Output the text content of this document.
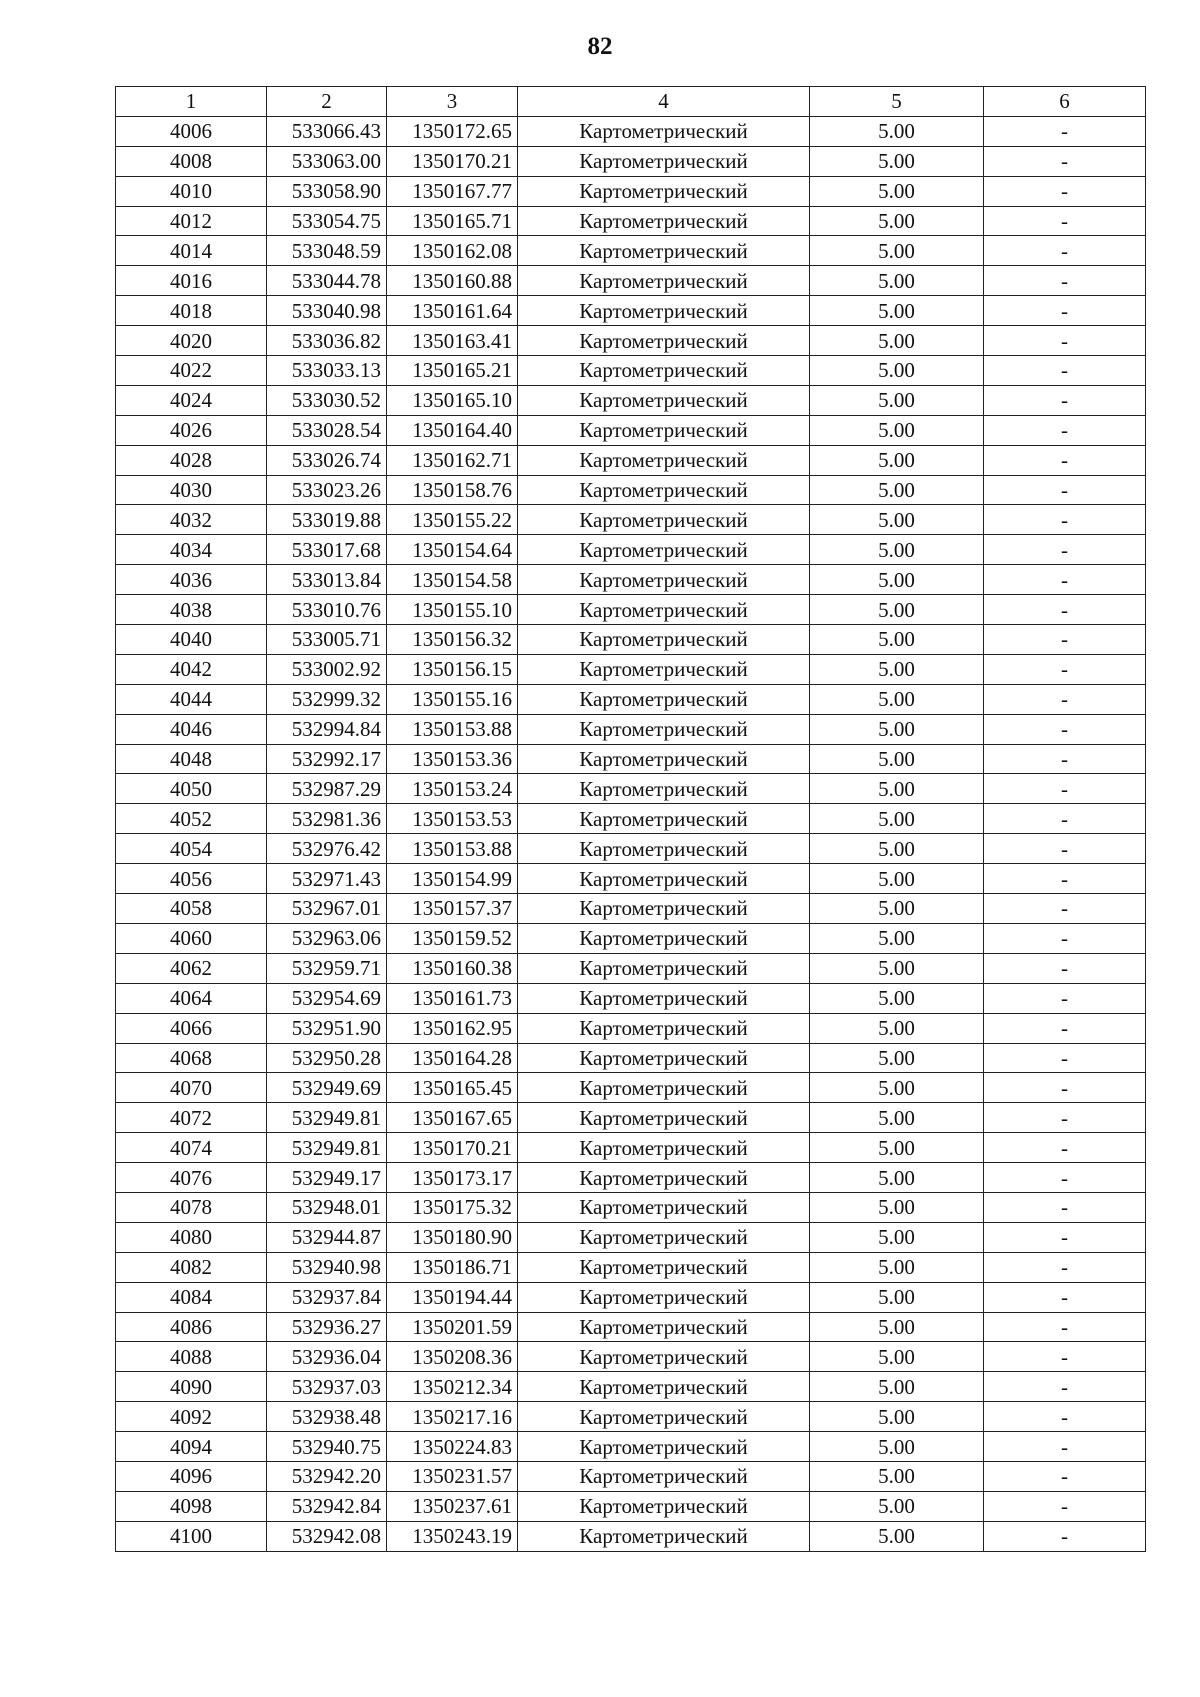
82
1	2	3	4	5	6
4006	533066.43	1350172.65	Картометрический	5.00	-
4008	533063.00	1350170.21	Картометрический	5.00	-
4010	533058.90	1350167.77	Картометрический	5.00	-
4012	533054.75	1350165.71	Картометрический	5.00	-
4014	533048.59	1350162.08	Картометрический	5.00	-
4016	533044.78	1350160.88	Картометрический	5.00	-
4018	533040.98	1350161.64	Картометрический	5.00	-
4020	533036.82	1350163.41	Картометрический	5.00	-
4022	533033.13	1350165.21	Картометрический	5.00	-
4024	533030.52	1350165.10	Картометрический	5.00	-
4026	533028.54	1350164.40	Картометрический	5.00	-
4028	533026.74	1350162.71	Картометрический	5.00	-
4030	533023.26	1350158.76	Картометрический	5.00	-
4032	533019.88	1350155.22	Картометрический	5.00	-
4034	533017.68	1350154.64	Картометрический	5.00	-
4036	533013.84	1350154.58	Картометрический	5.00	-
4038	533010.76	1350155.10	Картометрический	5.00	-
4040	533005.71	1350156.32	Картометрический	5.00	-
4042	533002.92	1350156.15	Картометрический	5.00	-
4044	532999.32	1350155.16	Картометрический	5.00	-
4046	532994.84	1350153.88	Картометрический	5.00	-
4048	532992.17	1350153.36	Картометрический	5.00	-
4050	532987.29	1350153.24	Картометрический	5.00	-
4052	532981.36	1350153.53	Картометрический	5.00	-
4054	532976.42	1350153.88	Картометрический	5.00	-
4056	532971.43	1350154.99	Картометрический	5.00	-
4058	532967.01	1350157.37	Картометрический	5.00	-
4060	532963.06	1350159.52	Картометрический	5.00	-
4062	532959.71	1350160.38	Картометрический	5.00	-
4064	532954.69	1350161.73	Картометрический	5.00	-
4066	532951.90	1350162.95	Картометрический	5.00	-
4068	532950.28	1350164.28	Картометрический	5.00	-
4070	532949.69	1350165.45	Картометрический	5.00	-
4072	532949.81	1350167.65	Картометрический	5.00	-
4074	532949.81	1350170.21	Картометрический	5.00	-
4076	532949.17	1350173.17	Картометрический	5.00	-
4078	532948.01	1350175.32	Картометрический	5.00	-
4080	532944.87	1350180.90	Картометрический	5.00	-
4082	532940.98	1350186.71	Картометрический	5.00	-
4084	532937.84	1350194.44	Картометрический	5.00	-
4086	532936.27	1350201.59	Картометрический	5.00	-
4088	532936.04	1350208.36	Картометрический	5.00	-
4090	532937.03	1350212.34	Картометрический	5.00	-
4092	532938.48	1350217.16	Картометрический	5.00	-
4094	532940.75	1350224.83	Картометрический	5.00	-
4096	532942.20	1350231.57	Картометрический	5.00	-
4098	532942.84	1350237.61	Картометрический	5.00	-
4100	532942.08	1350243.19	Картометрический	5.00	-
